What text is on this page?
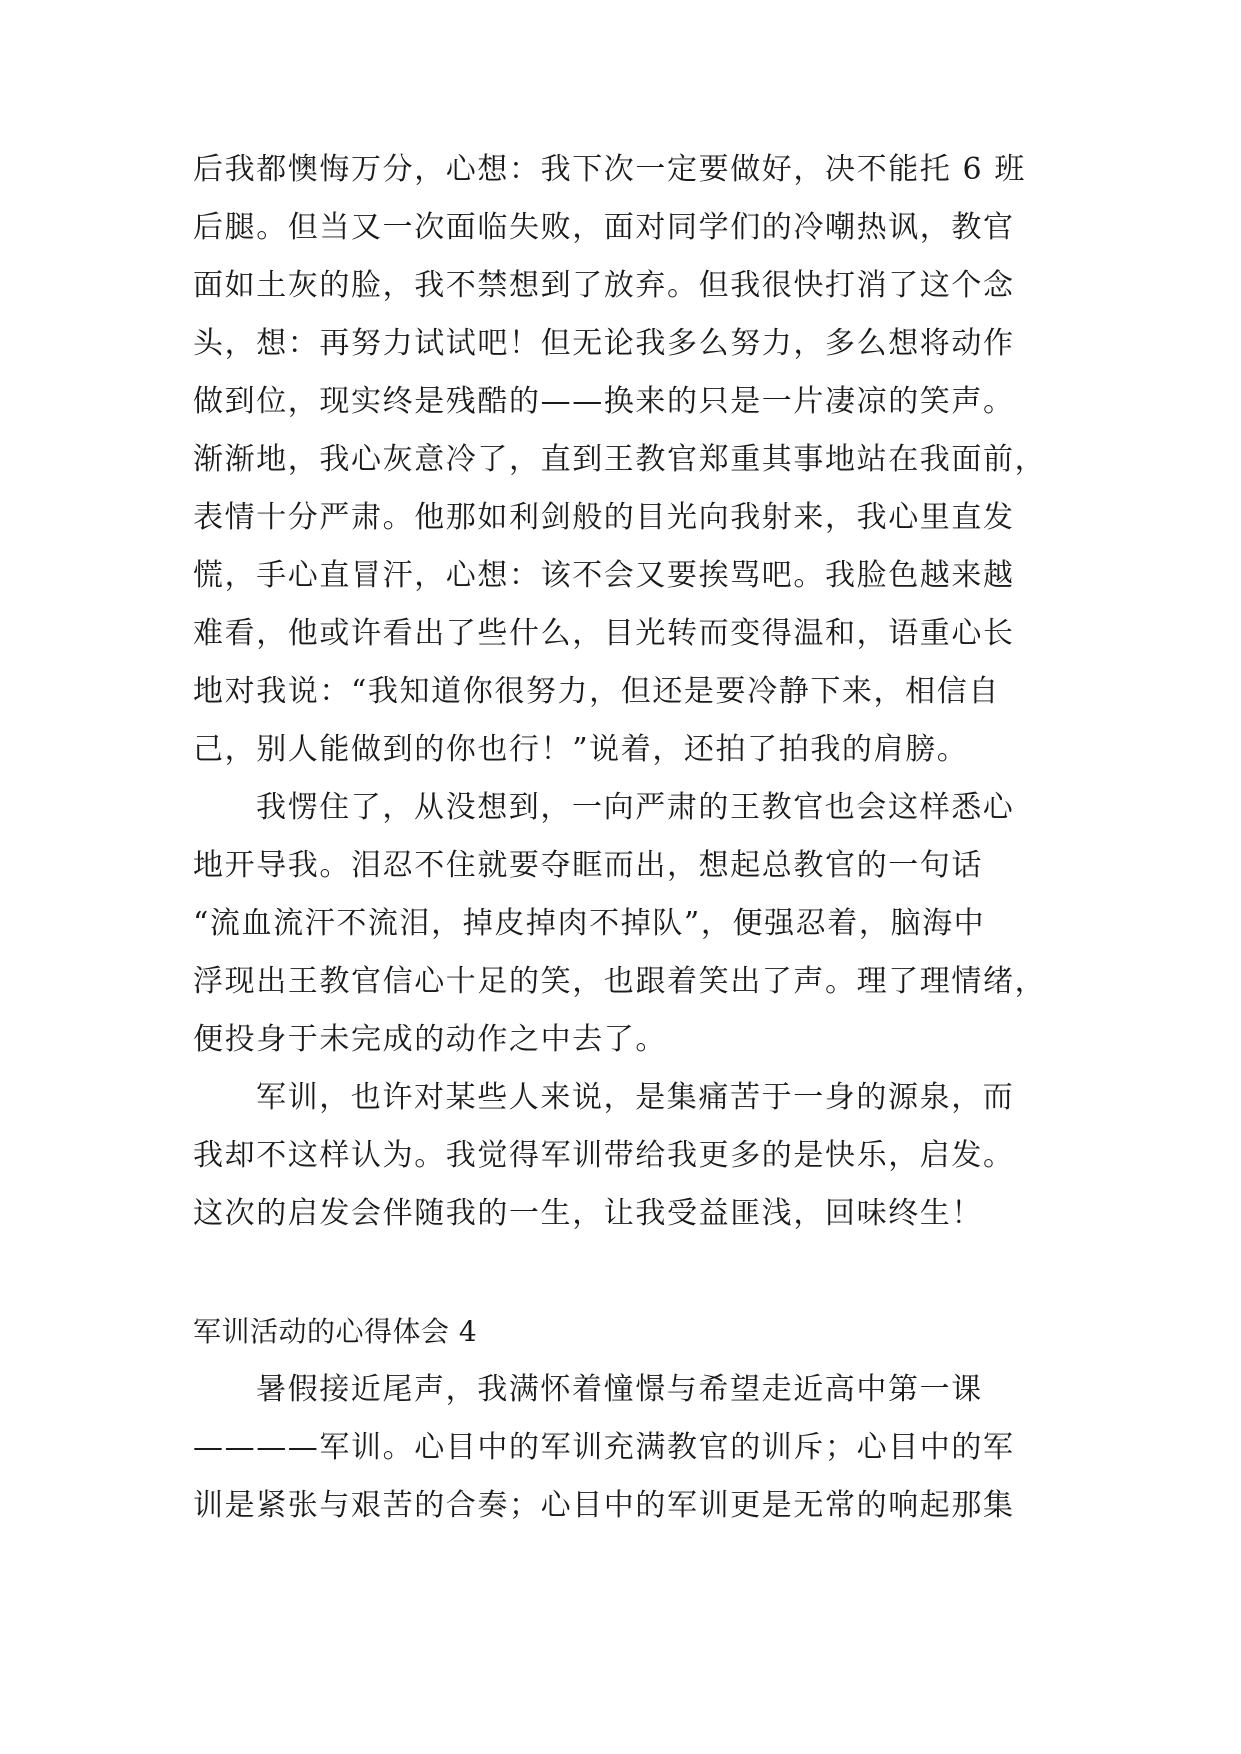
后我都懊悔万分，心想：我下次一定要做好，决不能托 6 班
后腿。但当又一次面临失败，面对同学们的冷嘲热讽，教官
面如土灰的脸，我不禁想到了放弃。但我很快打消了这个念
头，想：再努力试试吧！但无论我多么努力，多么想将动作
做到位，现实终是残酷的——换来的只是一片凄凉的笑声。
渐渐地，我心灰意冷了，直到王教官郑重其事地站在我面前，
表情十分严肃。他那如利剑般的目光向我射来，我心里直发
慌，手心直冒汗，心想：该不会又要挨骂吧。我脸色越来越
难看，他或许看出了些什么，目光转而变得温和，语重心长
地对我说：“我知道你很努力，但还是要冷静下来，相信自
己，别人能做到的你也行！”说着，还拍了拍我的肩膀。
我愣住了，从没想到，一向严肃的王教官也会这样悉心
地开导我。泪忍不住就要夺眶而出，想起总教官的一句话
“流血流汗不流泪，掉皮掉肉不掉队”，便强忍着，脑海中
浮现出王教官信心十足的笑，也跟着笑出了声。理了理情绪，
便投身于未完成的动作之中去了。
军训，也许对某些人来说，是集痛苦于一身的源泉，而
我却不这样认为。我觉得军训带给我更多的是快乐，启发。
这次的启发会伴随我的一生，让我受益匪浅，回味终生！
军训活动的心得体会 4
暑假接近尾声，我满怀着憧憬与希望走近高中第一课
————军训。心目中的军训充满教官的训斥；心目中的军
训是紧张与艰苦的合奏；心目中的军训更是无常的响起那集
